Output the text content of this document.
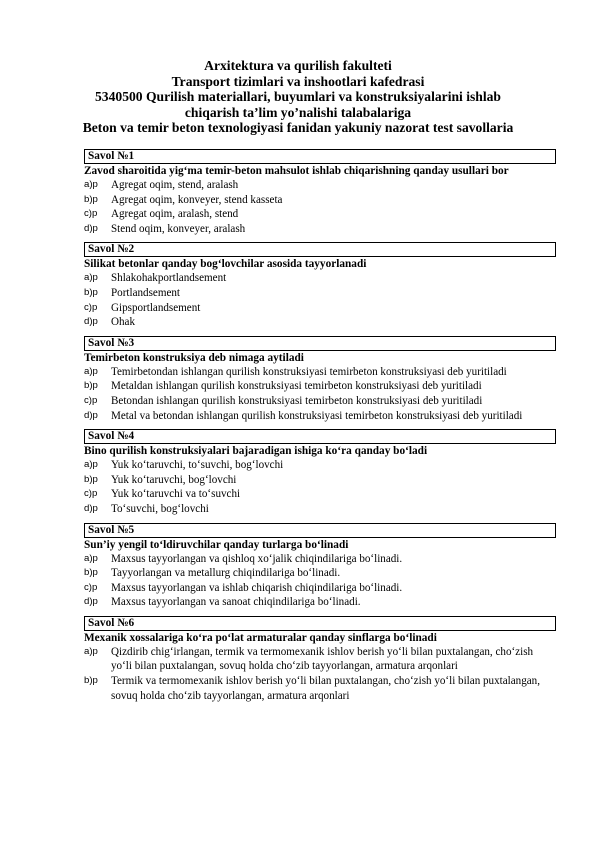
Arxitektura va qurilish fakulteti
Transport tizimlari va inshootlari kafedrasi
5340500 Qurilish materiallari, buyumlari va konstruksiyalarini ishlab
chiqarish ta’lim yo’nalishi talabalariga
Beton va temir beton texnologiyasi fanidan yakuniy nazorat test savollaria
Savol №1
Zavod sharoitida yig‘ma temir-beton mahsulot ishlab chiqarishning qanday usullari bor
a)p	Agregat oqim, stend, aralash
b)p	Agregat oqim, konveyer, stend kasseta
c)p	Agregat oqim, aralash, stend
d)p	Stend oqim, konveyer, aralash
Savol №2
Silikat betonlar qanday bog‘lovchilar asosida tayyorlanadi
a)p	Shlakohakportlandsement
b)p	Portlandsement
c)p	Gipsportlandsement
d)p	Ohak
Savol №3
Temirbeton konstruksiya deb nimaga aytiladi
a)p	Temirbetondan ishlangan qurilish konstruksiyasi temirbeton konstruksiyasi deb yuritiladi
b)p	Metaldan ishlangan qurilish konstruksiyasi temirbeton konstruksiyasi deb yuritiladi
c)p	Betondan ishlangan qurilish konstruksiyasi temirbeton konstruksiyasi deb yuritiladi
d)p	Metal va betondan ishlangan qurilish konstruksiyasi temirbeton konstruksiyasi deb yuritiladi
Savol №4
Bino qurilish konstruksiyalari bajaradigan ishiga ko‘ra qanday bo‘ladi
a)p	Yuk ko‘taruvchi, to‘suvchi, bog‘lovchi
b)p	Yuk ko‘taruvchi, bog‘lovchi
c)p	Yuk ko‘taruvchi va to‘suvchi
d)p	To‘suvchi, bog‘lovchi
Savol №5
Sun’iy yengil to‘ldiruvchilar qanday turlarga bo‘linadi
a)p	Maxsus tayyorlangan va qishloq xo‘jalik chiqindilariga bo‘linadi.
b)p	Tayyorlangan va metallurg chiqindilariga bo‘linadi.
c)p	Maxsus tayyorlangan va ishlab chiqarish chiqindilariga bo‘linadi.
d)p	Maxsus tayyorlangan va sanoat chiqindilariga bo‘linadi.
Savol №6
Mexanik xossalariga ko‘ra po‘lat armaturalar qanday sinflarga bo‘linadi
a)p	Qizdirib chig‘irlangan, termik va termomexanik ishlov berish yo‘li bilan puxtalangan, cho‘zish yo‘li bilan puxtalangan, sovuq holda cho‘zib tayyorlangan, armatura arqonlari
b)p	Termik va termomexanik ishlov berish yo‘li bilan puxtalangan, cho‘zish yo‘li bilan puxtalangan, sovuq holda cho‘zib tayyorlangan, armatura arqonlari
